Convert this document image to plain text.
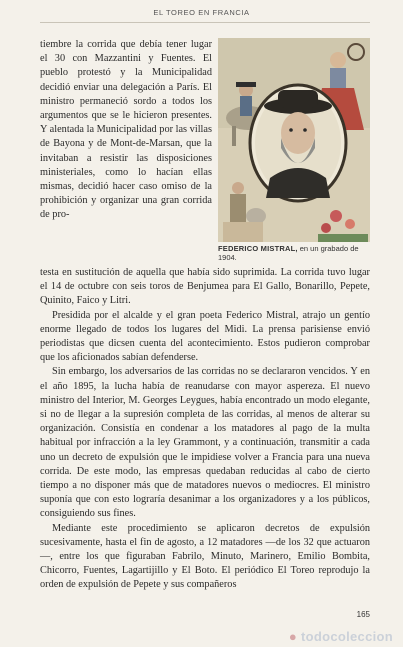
EL TOREO EN FRANCIA

tiembre la corrida que debía tener lugar el 30 con Mazzantini y Fuentes. El pueblo protestó y la Municipalidad decidió enviar una delegación a París. El ministro permaneció sordo a todos los argumentos que se le hicieron presentes. Y alentada la Municipalidad por las villas de Bayona y de Mont-de-Marsan, que la invitaban a resistir las disposiciones ministeriales, como lo hacían ellas mismas, decidió hacer caso omiso de la prohibición y organizar una gran corrida de pro-

FEDERICO MISTRAL, en un grabado de 1904.

testa en sustitución de aquella que había sido suprimida. La corrida tuvo lugar el 14 de octubre con seis toros de Benjumea para El Gallo, Bonarillo, Pepete, Quinito, Faico y Litri.

Presidida por el alcalde y el gran poeta Federico Mistral, atrajo un gentío enorme llegado de todos los lugares del Midi. La prensa parisiense envió periodistas que dicsen cuenta del acontecimiento. Estos pudieron comprobar que los aficionados sabían defenderse.

Sin embargo, los adversarios de las corridas no se declararon vencidos. Y en el año 1895, la lucha había de reanudarse con mayor aspereza. El nuevo ministro del Interior, M. Georges Leygues, había encontrado un modo elegante, si no de llegar a la supresión completa de las corridas, al menos de alterar su organización. Consistía en condenar a los matadores al pago de la multa habitual por infracción a la ley Grammont, y a continuación, transmitir a cada uno un decreto de expulsión que le impidiese volver a Francia para una nueva corrida. De este modo, las empresas quedaban reducidas al cabo de cierto tiempo a no disponer más que de matadores nuevos o mediocres. El ministro suponía que con esto lograría desanimar a los organizadores y a los públicos, consiguiendo sus fines.

Mediante este procedimiento se aplicaron decretos de expulsión sucesivamente, hasta el fin de agosto, a 12 matadores —de los 32 que actuaron—, entre los que figuraban Fabrilo, Minuto, Marinero, Emilio Bombita, Chicorro, Fuentes, Lagartijillo y El Boto. El periódico El Toreo reprodujo la orden de expulsión de Pepete y sus compañeros

165
● todocoleccion
